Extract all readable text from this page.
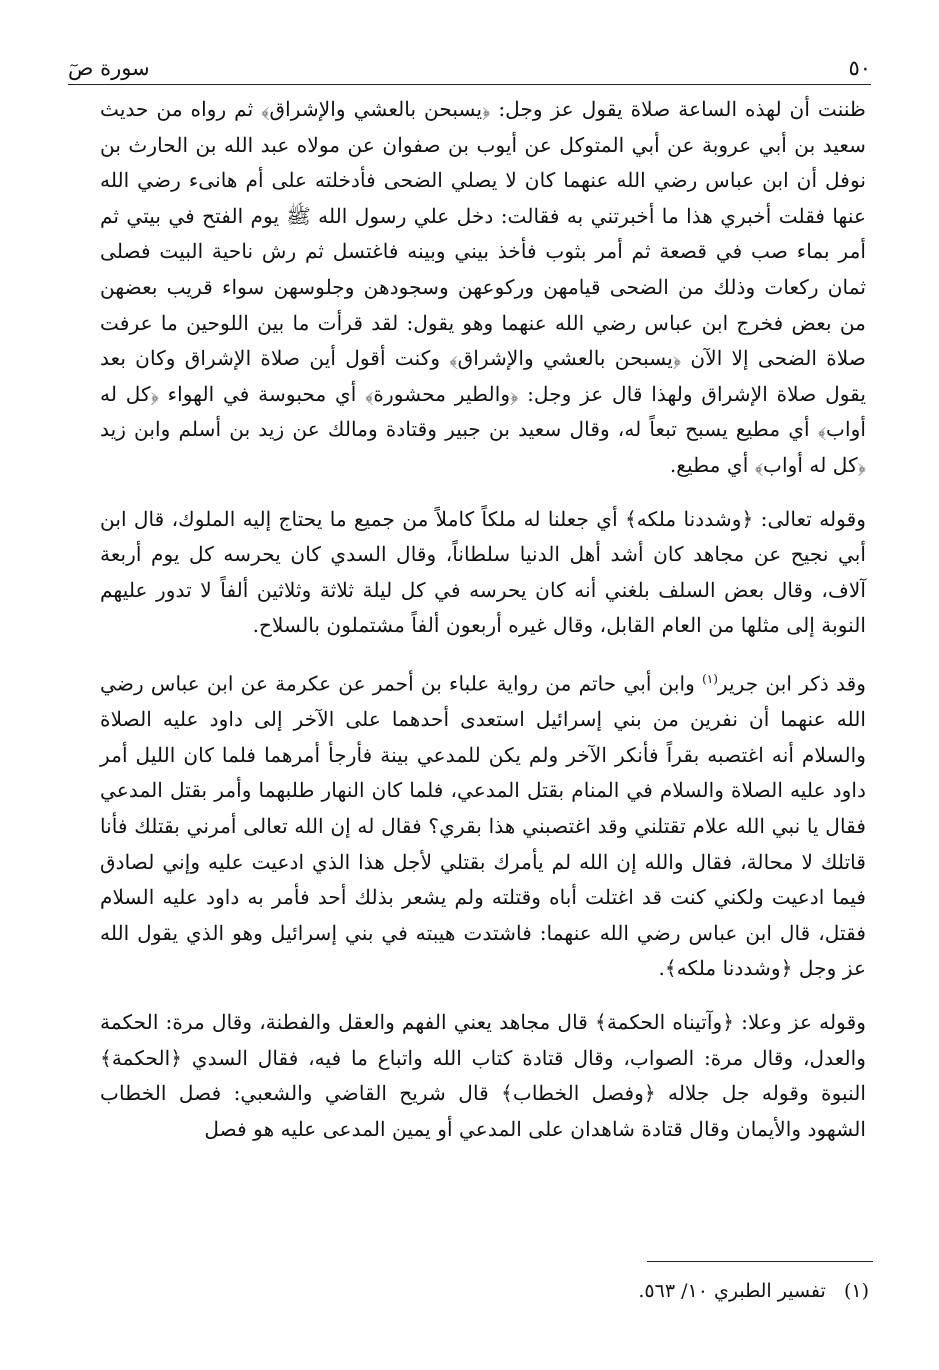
٥٠
سورة صٓ

ظننت أن لهذه الساعة صلاة يقول عز وجل: ﴿يسبحن بالعشي والإشراق﴾ ثم رواه من حديث سعيد بن أبي عروبة عن أبي المتوكل عن أيوب بن صفوان عن مولاه عبد الله بن الحارث بن نوفل أن ابن عباس رضي الله عنهما كان لا يصلي الضحى فأدخلته على أم هانىء رضي الله عنها فقلت أخبري هذا ما أخبرتني به فقالت: دخل علي رسول الله ﷺ يوم الفتح في بيتي ثم أمر بماء صب في قصعة ثم أمر بثوب فأخذ بيني وبينه فاغتسل ثم رش ناحية البيت فصلى ثمان ركعات وذلك من الضحى قيامهن وركوعهن وسجودهن وجلوسهن سواء قريب بعضهن من بعض فخرج ابن عباس رضي الله عنهما وهو يقول: لقد قرأت ما بين اللوحين ما عرفت صلاة الضحى إلا الآن ﴿يسبحن بالعشي والإشراق﴾ وكنت أقول أين صلاة الإشراق وكان بعد يقول صلاة الإشراق ولهذا قال عز وجل: ﴿والطير محشورة﴾ أي محبوسة في الهواء ﴿كل له أواب﴾ أي مطيع يسبح تبعاً له، وقال سعيد بن جبير وقتادة ومالك عن زيد بن أسلم وابن زيد ﴿كل له أواب﴾ أي مطيع.

وقوله تعالى: ﴿وشددنا ملكه﴾ أي جعلنا له ملكاً كاملاً من جميع ما يحتاج إليه الملوك، قال ابن أبي نجيح عن مجاهد كان أشد أهل الدنيا سلطاناً، وقال السدي كان يحرسه كل يوم أربعة آلاف، وقال بعض السلف بلغني أنه كان يحرسه في كل ليلة ثلاثة وثلاثين ألفاً لا تدور عليهم النوبة إلى مثلها من العام القابل، وقال غيره أربعون ألفاً مشتملون بالسلاح.

وقد ذكر ابن جرير$^{(١)}$ وابن أبي حاتم من رواية علباء بن أحمر عن عكرمة عن ابن عباس رضي الله عنهما أن نفرين من بني إسرائيل استعدى أحدهما على الآخر إلى داود عليه الصلاة والسلام أنه اغتصبه بقراً فأنكر الآخر ولم يكن للمدعي بينة فأرجأ أمرهما فلما كان الليل أمر داود عليه الصلاة والسلام في المنام بقتل المدعي، فلما كان النهار طلبهما وأمر بقتل المدعي فقال يا نبي الله علام تقتلني وقد اغتصبني هذا بقري؟ فقال له إن الله تعالى أمرني بقتلك فأنا قاتلك لا محالة، فقال والله إن الله لم يأمرك بقتلي لأجل هذا الذي ادعيت عليه وإني لصادق فيما ادعيت ولكني كنت قد اغتلت أباه وقتلته ولم يشعر بذلك أحد فأمر به داود عليه السلام فقتل، قال ابن عباس رضي الله عنهما: فاشتدت هيبته في بني إسرائيل وهو الذي يقول الله عز وجل ﴿وشددنا ملكه﴾.

وقوله عز وعلا: ﴿وآتيناه الحكمة﴾ قال مجاهد يعني الفهم والعقل والفطنة، وقال مرة: الحكمة والعدل، وقال مرة: الصواب، وقال قتادة كتاب الله واتباع ما فيه، فقال السدي ﴿الحكمة﴾ النبوة وقوله جل جلاله ﴿وفصل الخطاب﴾ قال شريح القاضي والشعبي: فصل الخطاب الشهود والأيمان وقال قتادة شاهدان على المدعي أو يمين المدعى عليه هو فصل

(١)   تفسير الطبري ١٠/ ٥٦٣.
